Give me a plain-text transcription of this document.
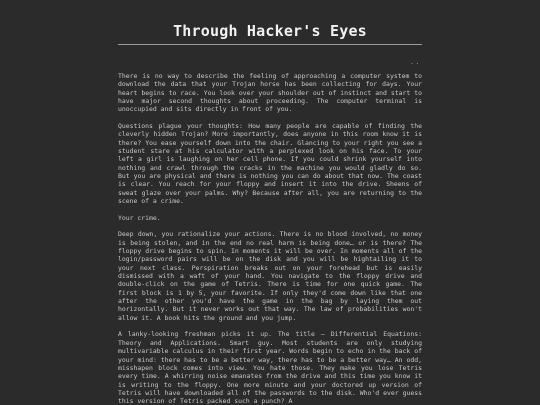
Through Hacker's Eyes
..

There is no way to describe the feeling of approaching a computer system to download the data that your Trojan horse has been collecting for days. Your heart begins to race. You look over your shoulder out of instinct and start to have major second thoughts about proceeding. The computer terminal is unoccupied and sits directly in front of you.

Questions plague your thoughts: How many people are capable of finding the cleverly hidden Trojan? More importantly, does anyone in this room know it is there? You ease yourself down into the chair. Glancing to your right you see a student stare at his calculator with a perplexed look on his face. To your left a girl is laughing on her cell phone. If you could shrink yourself into nothing and crawl through the cracks in the machine you would gladly do so. But you are physical and there is nothing you can do about that now. The coast is clear. You reach for your floppy and insert it into the drive. Sheens of sweat glaze over your palms. Why? Because after all, you are returning to the scene of a crime.

Your crime.

Deep down, you rationalize your actions. There is no blood involved, no money is being stolen, and in the end no real harm is being done… or is there? The floppy drive begins to spin. In moments it will be over. In moments all of the login/password pairs will be on the disk and you will be hightailing it to your next class. Perspiration breaks out on your forehead but is easily dismissed with a waft of your hand. You navigate to the floppy drive and double-click on the game of Tetris. There is time for one quick game. The first block is 1 by 5, your favorite. If only they'd come down like that one after the other you'd have the game in the bag by laying them out horizontally. But it never works out that way. The law of probabilities won't allow it. A book hits the ground and you jump.

A lanky-looking freshman picks it up. The title — Differential Equations: Theory and Applications. Smart guy. Most students are only studying multivariable calculus in their first year. Words begin to echo in the back of your mind: there has to be a better way, there has to be a better way… An odd, misshapen block comes into view. You hate those. They make you lose Tetris every time. A whirring noise emanates from the drive and this time you know it is writing to the floppy. One more minute and your doctored up version of Tetris will have downloaded all of the passwords to the disk. Who'd ever guess this version of Tetris packed such a punch? A
